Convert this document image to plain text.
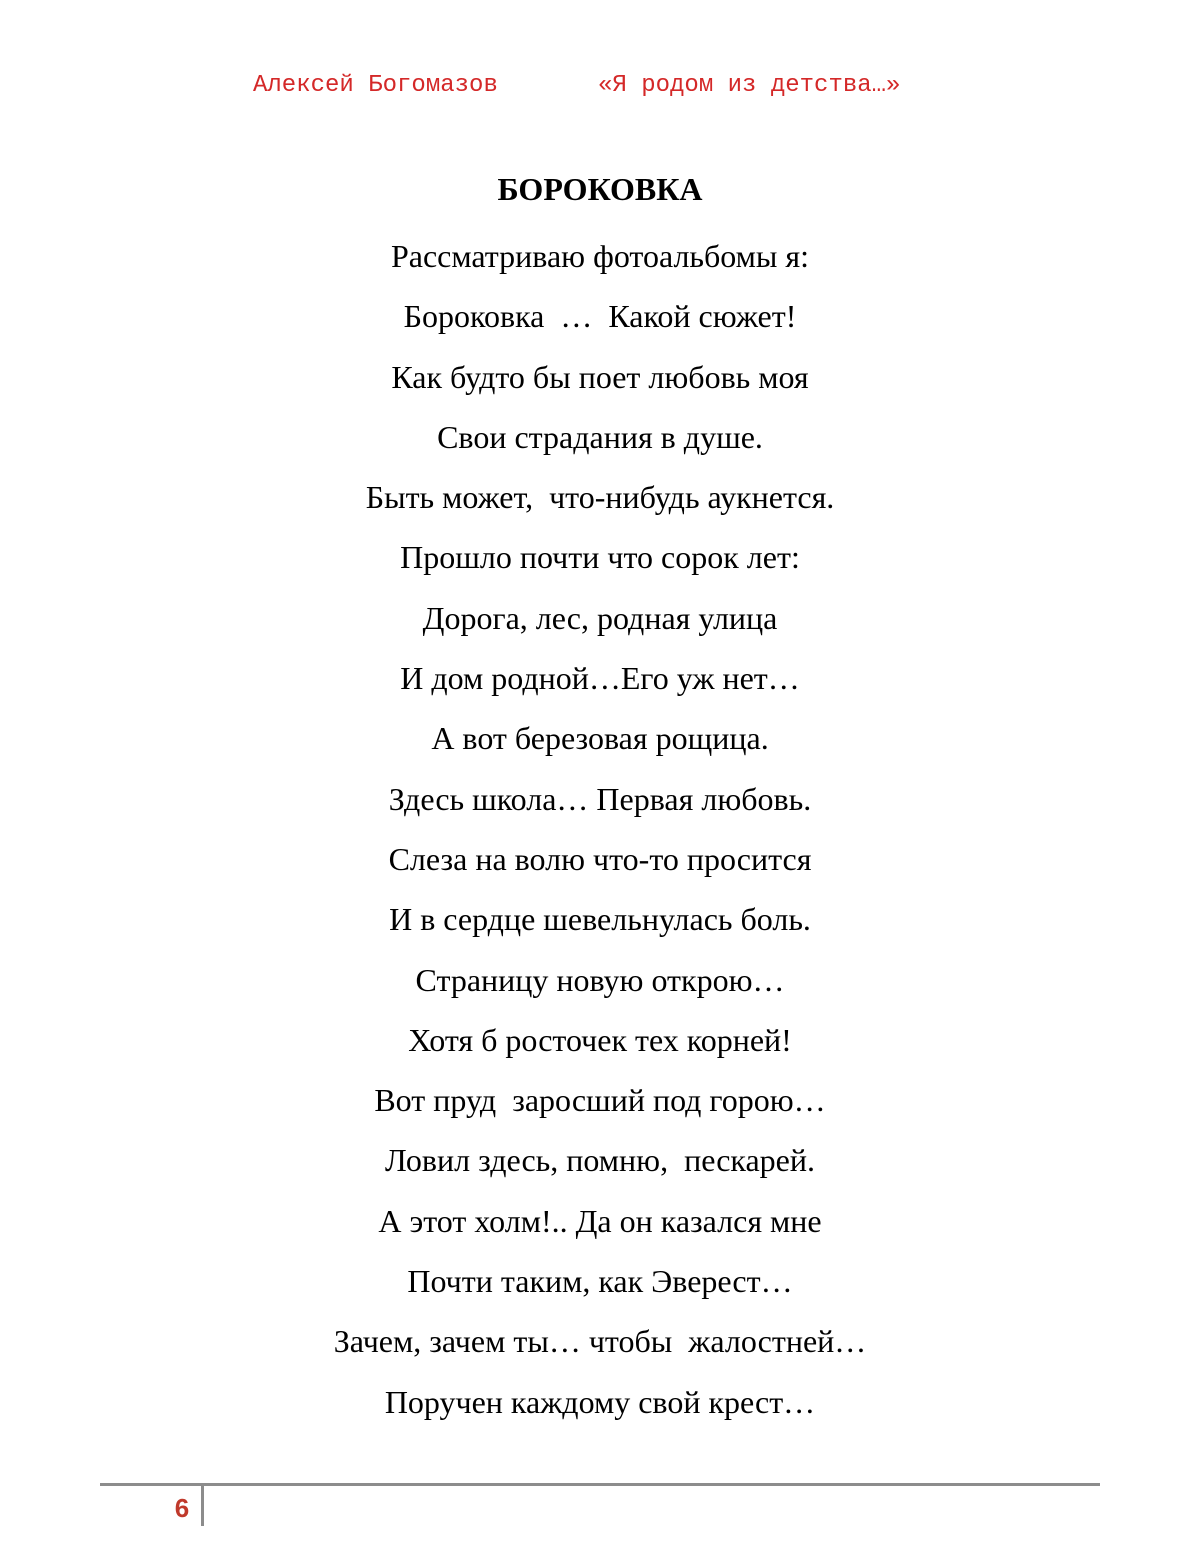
Алексей Богомазов	«Я родом из детства…»
БОРОКОВКА
Рассматриваю фотоальбомы я:
Бороковка  …  Какой сюжет!
Как будто бы поет любовь моя
Свои страдания в душе.
Быть может,  что-нибудь аукнется.
Прошло почти что сорок лет:
Дорога, лес, родная улица
И дом родной…Его уж нет…
А вот березовая рощица.
Здесь школа… Первая любовь.
Слеза на волю что-то просится
И в сердце шевельнулась боль.
Страницу новую открою…
Хотя б росточек тех корней!
Вот пруд  заросший под горою…
Ловил здесь, помню,  пескарей.
А этот холм!.. Да он казался мне
Почти таким, как Эверест…
Зачем, зачем ты… чтобы  жалостней…
Поручен каждому свой крест…
6
